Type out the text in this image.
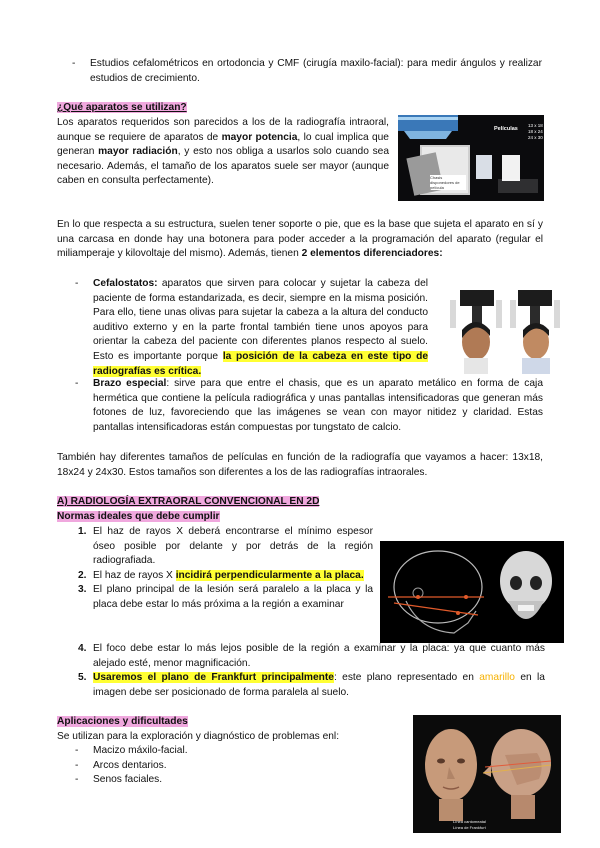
- Estudios cefalométricos en ortodoncia y CMF (cirugía maxilo-facial): para medir ángulos y realizar estudios de crecimiento.

¿Qué aparatos se utilizan?

Los aparatos requeridos son parecidos a los de la radiografía intraoral, aunque se requiere de aparatos de mayor potencia, lo cual implica que generan mayor radiación, y esto nos obliga a usarlos solo cuando sea necesario. Además, el tamaño de los aparatos suele ser mayor (aunque caben en consulta perfectamente).

Películas
13 x 18
18 x 24
24 x 30
Chasis disponedores de película

En lo que respecta a su estructura, suelen tener soporte o pie, que es la base que sujeta el aparato en sí y una carcasa en donde hay una botonera para poder acceder a la programación del aparato (regular el miliamperaje y kilovoltaje del mismo). Además, tienen 2 elementos diferenciadores:

- Cefalostatos: aparatos que sirven para colocar y sujetar la cabeza del paciente de forma estandarizada, es decir, siempre en la misma posición. Para ello, tiene unas olivas para sujetar la cabeza a la altura del conducto auditivo externo y en la parte frontal también tiene unos apoyos para orientar la cabeza del paciente con diferentes planos respecto al suelo. Esto es importante porque la posición de la cabeza en este tipo de radiografías es crítica.
- Brazo especial: sirve para que entre el chasis, que es un aparato metálico en forma de caja hermética que contiene la película radiográfica y unas pantallas intensificadoras que generan más fotones de luz, favoreciendo que las imágenes se vean con mayor nitidez y claridad. Estas pantallas intensificadoras están compuestas por tungstato de calcio.

También hay diferentes tamaños de películas en función de la radiografía que vayamos a hacer: 13x18, 18x24 y 24x30. Estos tamaños son diferentes a los de las radiografías intraorales.

A) RADIOLOGÍA EXTRAORAL CONVENCIONAL EN 2D

Normas ideales que debe cumplir

1. El haz de rayos X deberá encontrarse el mínimo espesor óseo posible por delante y por detrás de la región radiografiada.
2. El haz de rayos X incidirá perpendicularmente a la placa.
3. El plano principal de la lesión será paralelo a la placa y la placa debe estar lo más próxima a la región a examinar
4. El foco debe estar lo más lejos posible de la región a examinar y la placa: ya que cuanto más alejado esté, menor magnificación.
5. Usaremos el plano de Frankfurt principalmente: este plano representado en amarillo en la imagen debe ser posicionado de forma paralela al suelo.

Aplicaciones y dificultades

Se utilizan para la exploración y diagnóstico de problemas enl:

- Macizo máxilo-facial.
- Arcos dentarios.
- Senos faciales.	a)
Línea cantomeatal
Línea de Frankfurt
